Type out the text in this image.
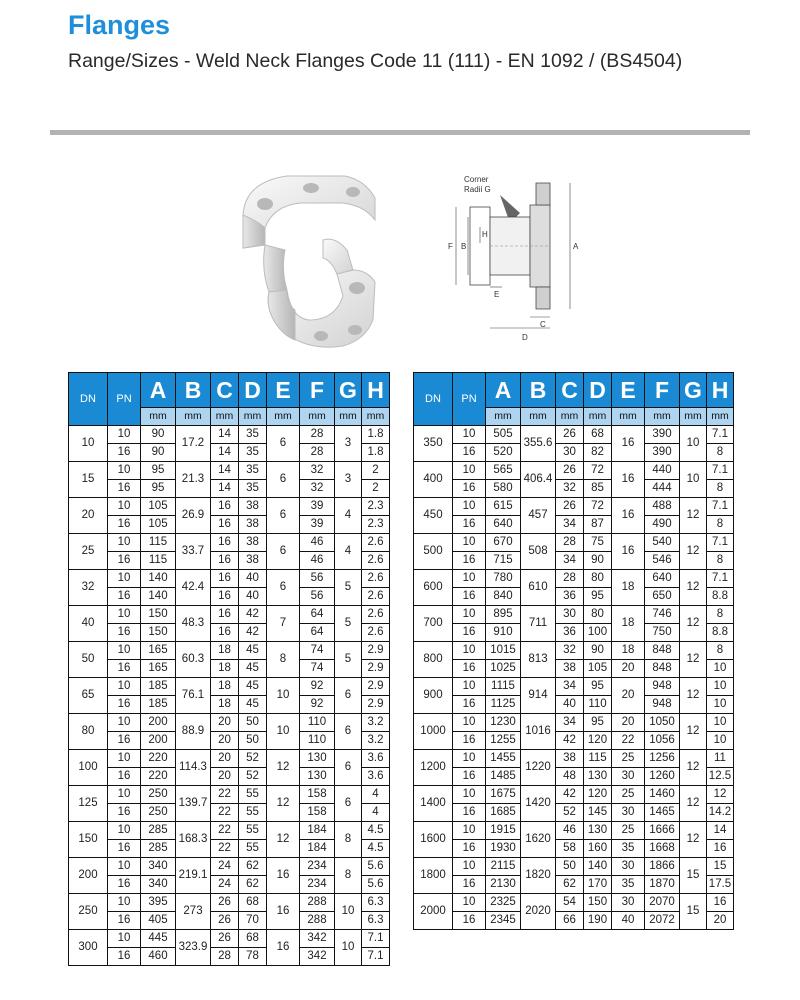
Flanges
Range/Sizes - Weld Neck Flanges Code 11 (111) - EN 1092 / (BS4504)
Corner
Radii G
A
F B
H
E
C
D
DN	PN	A	B	C	D	E	F	G	H
		mm	mm	mm	mm	mm	mm	mm	mm
10	10	90	17.2	14	35	6	28	3	1.8
	16	90		14	35		28		1.8
15	10	95	21.3	14	35	6	32	3	2
	16	95		14	35		32		2
20	10	105	26.9	16	38	6	39	4	2.3
	16	105		16	38		39		2.3
25	10	115	33.7	16	38	6	46	4	2.6
	16	115		16	38		46		2.6
32	10	140	42.4	16	40	6	56	5	2.6
	16	140		16	40		56		2.6
40	10	150	48.3	16	42	7	64	5	2.6
	16	150		16	42		64		2.6
50	10	165	60.3	18	45	8	74	5	2.9
	16	165		18	45		74		2.9
65	10	185	76.1	18	45	10	92	6	2.9
	16	185		18	45		92		2.9
80	10	200	88.9	20	50	10	110	6	3.2
	16	200		20	50		110		3.2
100	10	220	114.3	20	52	12	130	6	3.6
	16	220		20	52		130		3.6
125	10	250	139.7	22	55	12	158	6	4
	16	250		22	55		158		4
150	10	285	168.3	22	55	12	184	8	4.5
	16	285		22	55		184		4.5
200	10	340	219.1	24	62	16	234	8	5.6
	16	340		24	62		234		5.6
250	10	395	273	26	68	16	288	10	6.3
	16	405		26	70		288		6.3
300	10	445	323.9	26	68	16	342	10	7.1
	16	460		28	78		342		7.1
DN	PN	A	B	C	D	E	F	G	H
		mm	mm	mm	mm	mm	mm	mm	mm
350	10	505	355.6	26	68	16	390	10	7.1
	16	520		30	82		390		8
400	10	565	406.4	26	72	16	440	10	7.1
	16	580		32	85		444		8
450	10	615	457	26	72	16	488	12	7.1
	16	640		34	87		490		8
500	10	670	508	28	75	16	540	12	7.1
	16	715		34	90		546		8
600	10	780	610	28	80	18	640	12	7.1
	16	840		36	95		650		8.8
700	10	895	711	30	80	18	746	12	8
	16	910		36	100		750		8.8
800	10	1015	813	32	90	18	848	12	8
	16	1025		38	105	20	848		10
900	10	1115	914	34	95	20	948	12	10
	16	1125		40	110		948		10
1000	10	1230	1016	34	95	20	1050	12	10
	16	1255		42	120	22	1056		10
1200	10	1455	1220	38	115	25	1256	12	11
	16	1485		48	130	30	1260		12.5
1400	10	1675	1420	42	120	25	1460	12	12
	16	1685		52	145	30	1465		14.2
1600	10	1915	1620	46	130	25	1666	12	14
	16	1930		58	160	35	1668		16
1800	10	2115	1820	50	140	30	1866	15	15
	16	2130		62	170	35	1870		17.5
2000	10	2325	2020	54	150	30	2070	15	16
	16	2345		66	190	40	2072		20
